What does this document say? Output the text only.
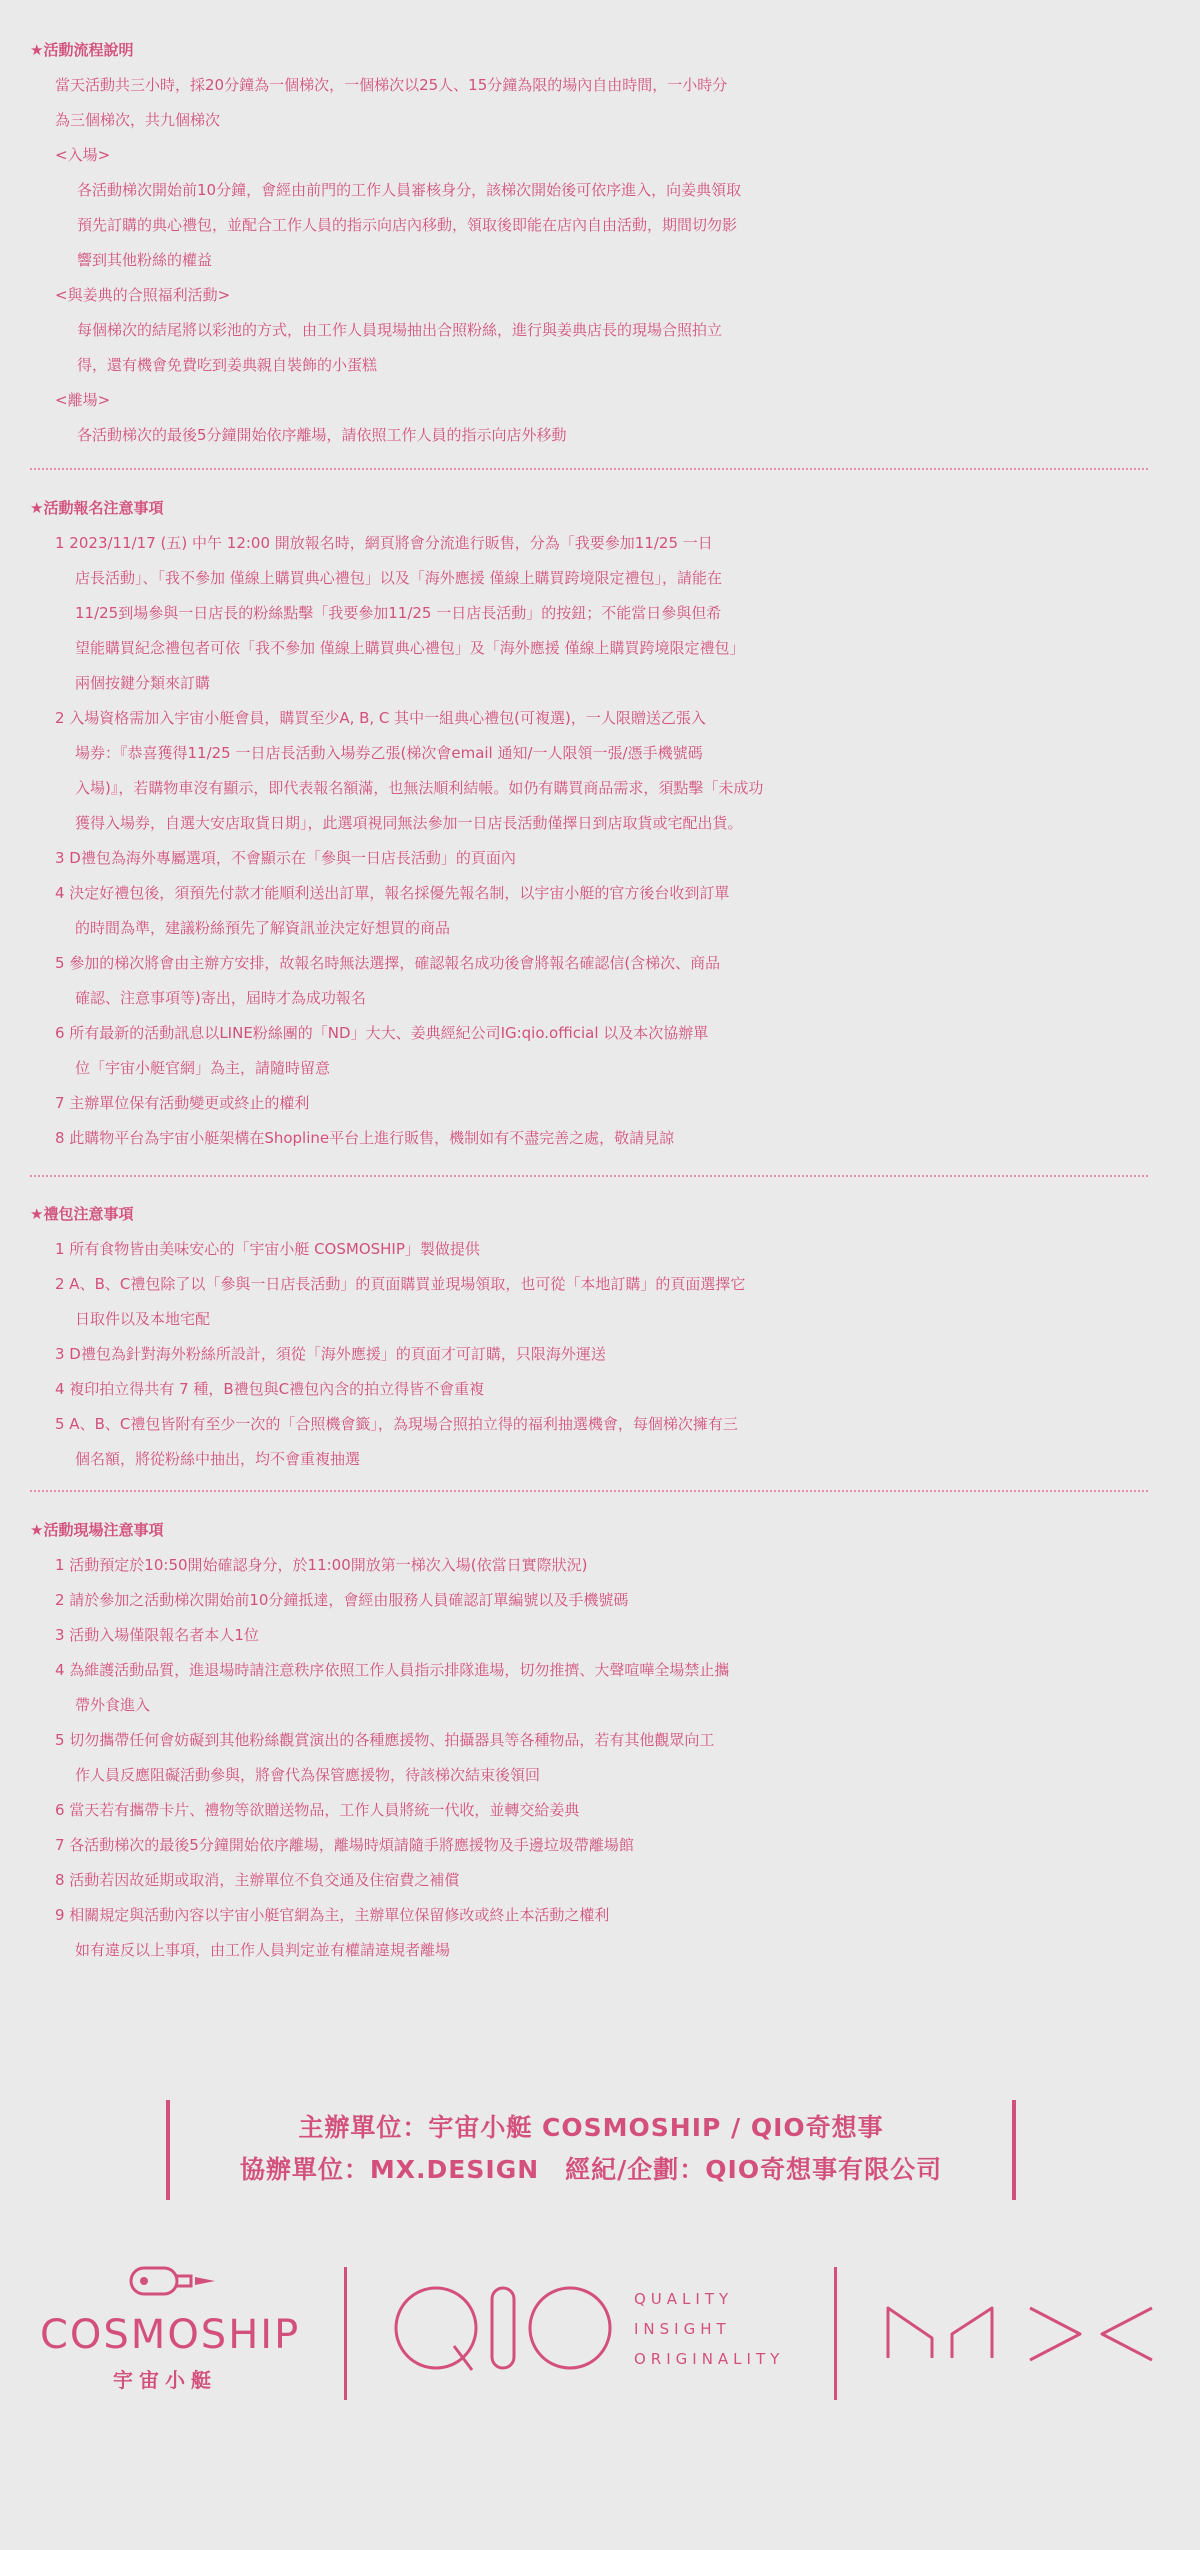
★活動流程說明
當天活動共三小時，採20分鐘為一個梯次，一個梯次以25人、15分鐘為限的場內自由時間，一小時分
為三個梯次，共九個梯次
<入場>
各活動梯次開始前10分鐘，會經由前門的工作人員審核身分，該梯次開始後可依序進入，向姜典領取
預先訂購的典心禮包，並配合工作人員的指示向店內移動，領取後即能在店內自由活動，期間切勿影
響到其他粉絲的權益
<與姜典的合照福利活動>
每個梯次的結尾將以彩池的方式，由工作人員現場抽出合照粉絲，進行與姜典店長的現場合照拍立
得，還有機會免費吃到姜典親自裝飾的小蛋糕
<離場>
各活動梯次的最後5分鐘開始依序離場，請依照工作人員的指示向店外移動
★活動報名注意事項
1 2023/11/17 (五) 中午 12:00 開放報名時，網頁將會分流進行販售，分為「我要參加11/25 一日
店長活動」、「我不參加 僅線上購買典心禮包」以及「海外應援 僅線上購買跨境限定禮包」，請能在
11/25到場參與一日店長的粉絲點擊「我要參加11/25 一日店長活動」的按鈕；不能當日參與但希
望能購買紀念禮包者可依「我不參加 僅線上購買典心禮包」及「海外應援 僅線上購買跨境限定禮包」
兩個按鍵分類來訂購
2 入場資格需加入宇宙小艇會員，購買至少A, B, C 其中一組典心禮包(可複選)，一人限贈送乙張入
場券：『恭喜獲得11/25 一日店長活動入場券乙張(梯次會email 通知/一人限領一張/憑手機號碼
入場)』，若購物車沒有顯示，即代表報名額滿，也無法順利結帳。如仍有購買商品需求，須點擊「未成功
獲得入場券，自選大安店取貨日期」，此選項視同無法參加一日店長活動僅擇日到店取貨或宅配出貨。
3 D禮包為海外專屬選項，不會顯示在「參與一日店長活動」的頁面內
4 決定好禮包後，須預先付款才能順利送出訂單，報名採優先報名制，以宇宙小艇的官方後台收到訂單
的時間為準，建議粉絲預先了解資訊並決定好想買的商品
5 參加的梯次將會由主辦方安排，故報名時無法選擇，確認報名成功後會將報名確認信(含梯次、商品
確認、注意事項等)寄出，屆時才為成功報名
6 所有最新的活動訊息以LINE粉絲團的「ND」大大、姜典經紀公司IG:qio.official 以及本次協辦單
位「宇宙小艇官網」為主，請隨時留意
7 主辦單位保有活動變更或終止的權利
8 此購物平台為宇宙小艇架構在Shopline平台上進行販售，機制如有不盡完善之處，敬請見諒
★禮包注意事項
1 所有食物皆由美味安心的「宇宙小艇 COSMOSHIP」製做提供
2 A、B、C禮包除了以「參與一日店長活動」的頁面購買並現場領取，也可從「本地訂購」的頁面選擇它
日取件以及本地宅配
3 D禮包為針對海外粉絲所設計，須從「海外應援」的頁面才可訂購，只限海外運送
4 複印拍立得共有 7 種，B禮包與C禮包內含的拍立得皆不會重複
5 A、B、C禮包皆附有至少一次的「合照機會籤」，為現場合照拍立得的福利抽選機會，每個梯次擁有三
個名額，將從粉絲中抽出，均不會重複抽選
★活動現場注意事項
1 活動預定於10:50開始確認身分，於11:00開放第一梯次入場(依當日實際狀況)
2 請於參加之活動梯次開始前10分鐘抵達，會經由服務人員確認訂單編號以及手機號碼
3 活動入場僅限報名者本人1位
4 為維護活動品質，進退場時請注意秩序依照工作人員指示排隊進場，切勿推擠、大聲喧嘩全場禁止攜
帶外食進入
5 切勿攜帶任何會妨礙到其他粉絲觀賞演出的各種應援物、拍攝器具等各種物品，若有其他觀眾向工
作人員反應阻礙活動參與，將會代為保管應援物，待該梯次結束後領回
6 當天若有攜帶卡片、禮物等欲贈送物品，工作人員將統一代收，並轉交給姜典
7 各活動梯次的最後5分鐘開始依序離場，離場時煩請隨手將應援物及手邊垃圾帶離場館
8 活動若因故延期或取消，主辦單位不負交通及住宿費之補償
9 相關規定與活動內容以宇宙小艇官網為主，主辦單位保留修改或終止本活動之權利
如有違反以上事項，由工作人員判定並有權請違規者離場
主辦單位：宇宙小艇 COSMOSHIP / QIO奇想事
協辦單位：MX.DESIGN　經紀/企劃：QIO奇想事有限公司
COSMOSHIP
宇宙小艇
QUALITY
INSIGHT
ORIGINALITY
